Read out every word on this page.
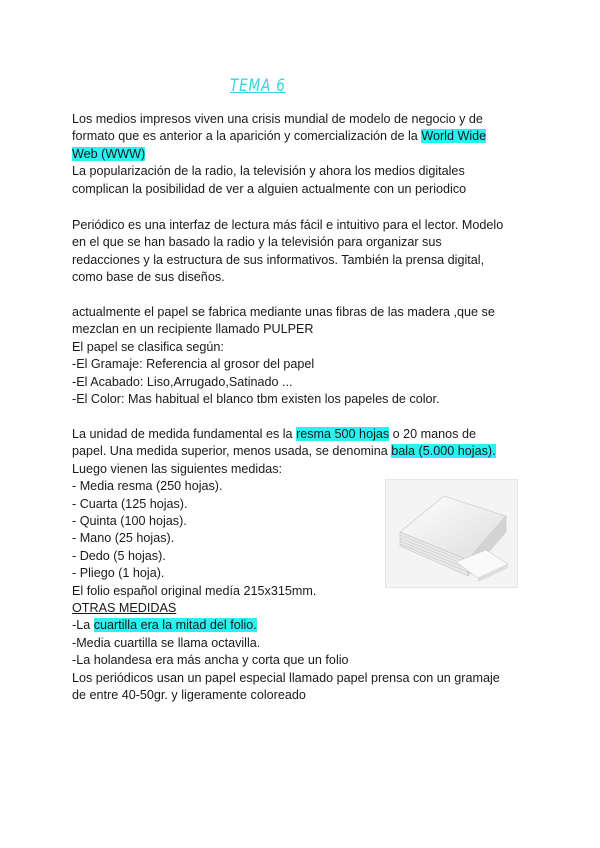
TEMA 6
Los medios impresos viven una crisis mundial de modelo de negocio y de
formato que es anterior a la aparición y comercialización de la World Wide
Web (WWW)
La popularización de la radio, la televisión y ahora los medios digitales
complican la posibilidad de ver a alguien actualmente con un periodico
Periódico es una interfaz de lectura más fácil e intuitivo para el lector. Modelo
en el que se han basado la radio y la televisión para organizar sus
redacciones y la estructura de sus informativos. También la prensa digital,
como base de sus diseños.
actualmente el papel se fabrica mediante unas fibras de las madera ,que se
mezclan en un recipiente llamado PULPER
El papel se clasifica según:
-El Gramaje: Referencia al grosor del papel
-El Acabado: Liso,Arrugado,Satinado ...
-El Color: Mas habitual el blanco tbm existen los papeles de color.
La unidad de medida fundamental es la resma 500 hojas o 20 manos de
papel. Una medida superior, menos usada, se denomina bala (5.000 hojas).
Luego vienen las siguientes medidas:
- Media resma (250 hojas).
- Cuarta (125 hojas).
- Quinta (100 hojas).
- Mano (25 hojas).
- Dedo (5 hojas).
- Pliego (1 hoja).
El folio español original medía 215x315mm.
OTRAS MEDIDAS
-La cuartilla era la mitad del folio.
-Media cuartilla se llama octavilla.
-La holandesa era más ancha y corta que un folio
Los periódicos usan un papel especial llamado papel prensa con un gramaje
de entre 40-50gr. y ligeramente coloreado
